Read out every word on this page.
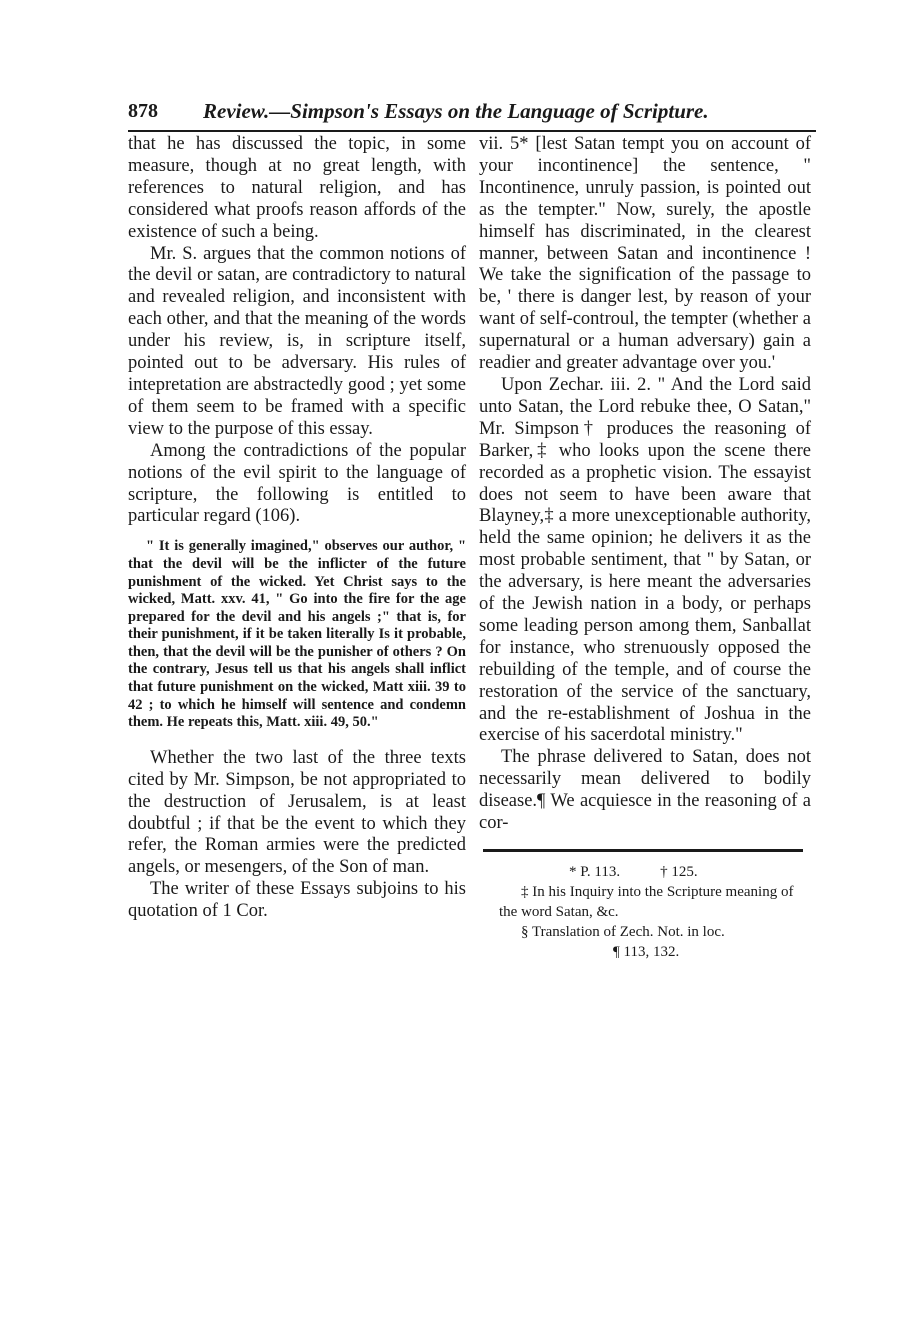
878 Review.—Simpson's Essays on the Language of Scripture.

that he has discussed the topic, in some measure, though at no great length, with references to natural religion, and has considered what proofs reason affords of the existence of such a being.

Mr. S. argues that the common notions of the devil or satan, are contradictory to natural and revealed religion, and inconsistent with each other, and that the meaning of the words under his review, is, in scripture itself, pointed out to be adversary. His rules of intepretation are abstractedly good ; yet some of them seem to be framed with a specific view to the purpose of this essay.

Among the contradictions of the popular notions of the evil spirit to the language of scripture, the following is entitled to particular regard (106).

" It is generally imagined," observes our author, " that the devil will be the inflicter of the future punishment of the wicked. Yet Christ says to the wicked, Matt. xxv. 41, " Go into the fire for the age prepared for the devil and his angels ;" that is, for their punishment, if it be taken literally Is it probable, then, that the devil will be the punisher of others ? On the contrary, Jesus tell us that his angels shall inflict that future punishment on the wicked, Matt xiii. 39 to 42 ; to which he himself will sentence and condemn them. He repeats this, Matt. xiii. 49, 50."

Whether the two last of the three texts cited by Mr. Simpson, be not appropriated to the destruction of Jerusalem, is at least doubtful ; if that be the event to which they refer, the Roman armies were the predicted angels, or mesengers, of the Son of man.

The writer of these Essays subjoins to his quotation of 1 Cor.

vii. 5* [lest Satan tempt you on account of your incontinence] the sentence, " Incontinence, unruly passion, is pointed out as the tempter." Now, surely, the apostle himself has discriminated, in the clearest manner, between Satan and incontinence ! We take the signification of the passage to be, ' there is danger lest, by reason of your want of self-controul, the tempter (whether a supernatural or a human adversary) gain a readier and greater advantage over you.'

Upon Zechar. iii. 2. " And the Lord said unto Satan, the Lord rebuke thee, O Satan," Mr. Simpson† produces the reasoning of Barker,‡ who looks upon the scene there recorded as a prophetic vision. The essayist does not seem to have been aware that Blayney,‡ a more unexceptionable authority, held the same opinion; he delivers it as the most probable sentiment, that " by Satan, or the adversary, is here meant the adversaries of the Jewish nation in a body, or perhaps some leading person among them, Sanballat for instance, who strenuously opposed the rebuilding of the temple, and of course the restoration of the service of the sanctuary, and the re-establishment of Joshua in the exercise of his sacerdotal ministry."

The phrase delivered to Satan, does not necessarily mean delivered to bodily disease.¶ We acquiesce in the reasoning of a cor-

* P. 113.	† 125.

‡ In his Inquiry into the Scripture meaning of the word Satan, &c.

§ Translation of Zech. Not. in loc.

¶ 113, 132.
